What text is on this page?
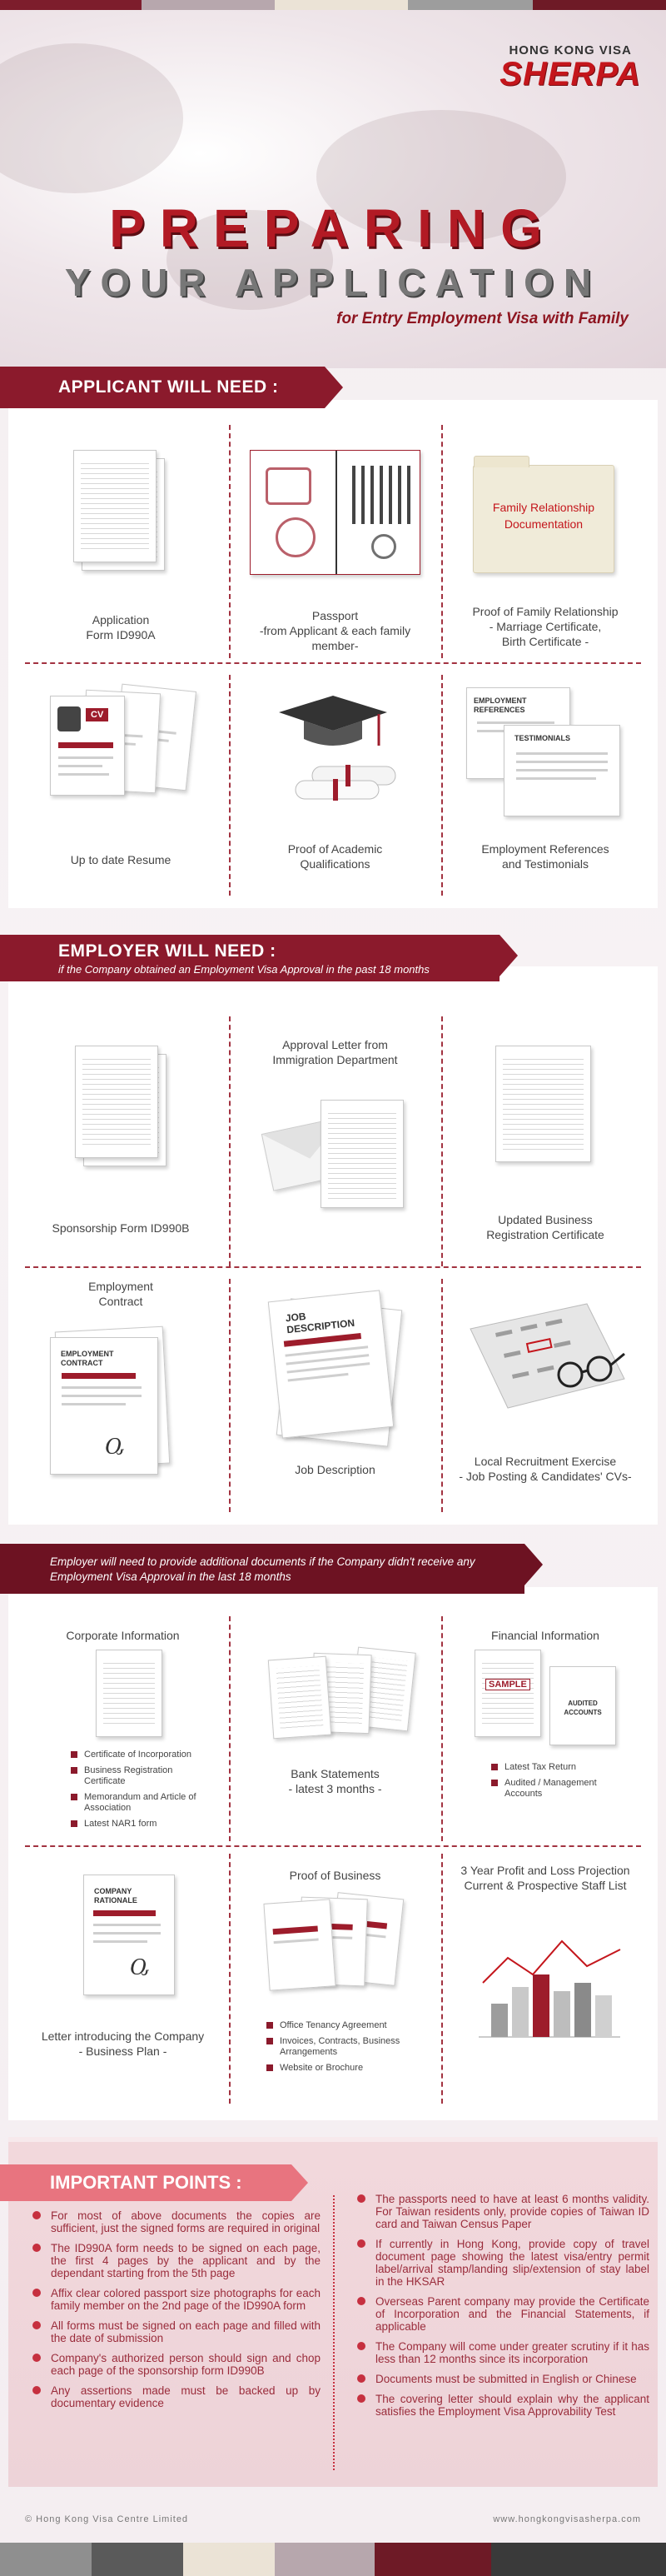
HONG KONG VISA
SHERPA
PREPARING
YOUR APPLICATION
for Entry Employment Visa with Family
APPLICANT WILL NEED :
Application
Form ID990A
Passport
-from Applicant & each family
member-
Family Relationship
Documentation
Proof of Family Relationship
- Marriage Certificate,
Birth Certificate -
CV
Up to date Resume
Proof of Academic
Qualifications
EMPLOYMENT
REFERENCES
TESTIMONIALS
Employment References
and Testimonials
EMPLOYER WILL NEED :
if the Company obtained an Employment Visa Approval in the past 18 months
Sponsorship Form ID990B
Approval Letter from
Immigration Department
Updated Business
Registration Certificate
Employment
Contract
EMPLOYMENT
CONTRACT
Ⴍ
JOB
DESCRIPTION
Job Description
Local Recruitment Exercise
- Job Posting & Candidates' CVs-
Employer will need to provide additional documents if the Company didn't receive any
Employment Visa Approval in the last 18 months
Corporate Information
Certificate of Incorporation
Business Registration Certificate
Memorandum and Article of Association
Latest NAR1 form
Bank Statements
- latest 3 months -
Financial Information
SAMPLE
AUDITED
ACCOUNTS
Latest Tax Return
Audited / Management Accounts
COMPANY
RATIONALE
Ⴍ
Letter introducing the Company
- Business Plan -
Proof of Business
Office Tenancy Agreement
Invoices, Contracts, Business Arrangements
Website or Brochure
3 Year Profit and Loss Projection
Current & Prospective Staff List
IMPORTANT POINTS :
For most of above documents the copies are sufficient, just the signed forms are required in original
The ID990A form needs to be signed on each page, the first 4 pages by the applicant and by the dependant starting from the 5th page
Affix clear colored passport size photographs for each family member on the 2nd page of the ID990A form
All forms must be signed on each page and filled with the date of submission
Company's authorized person should sign and chop each page of the sponsorship form ID990B
Any assertions made must be backed up by documentary evidence
The passports need to have at least 6 months validity. For Taiwan residents only, provide copies of Taiwan ID card and Taiwan Census Paper
If currently in Hong Kong, provide copy of travel document page showing the latest visa/entry permit label/arrival stamp/landing slip/extension of stay label in the HKSAR
Overseas Parent company may provide the Certificate of Incorporation and the Financial Statements, if applicable
The Company will come under greater scrutiny if it has less than 12 months since its incorporation
Documents must be submitted in English or Chinese
The covering letter should explain why the applicant satisfies the Employment Visa Approvability Test
© Hong Kong Visa Centre Limited	www.hongkongvisasherpa.com
